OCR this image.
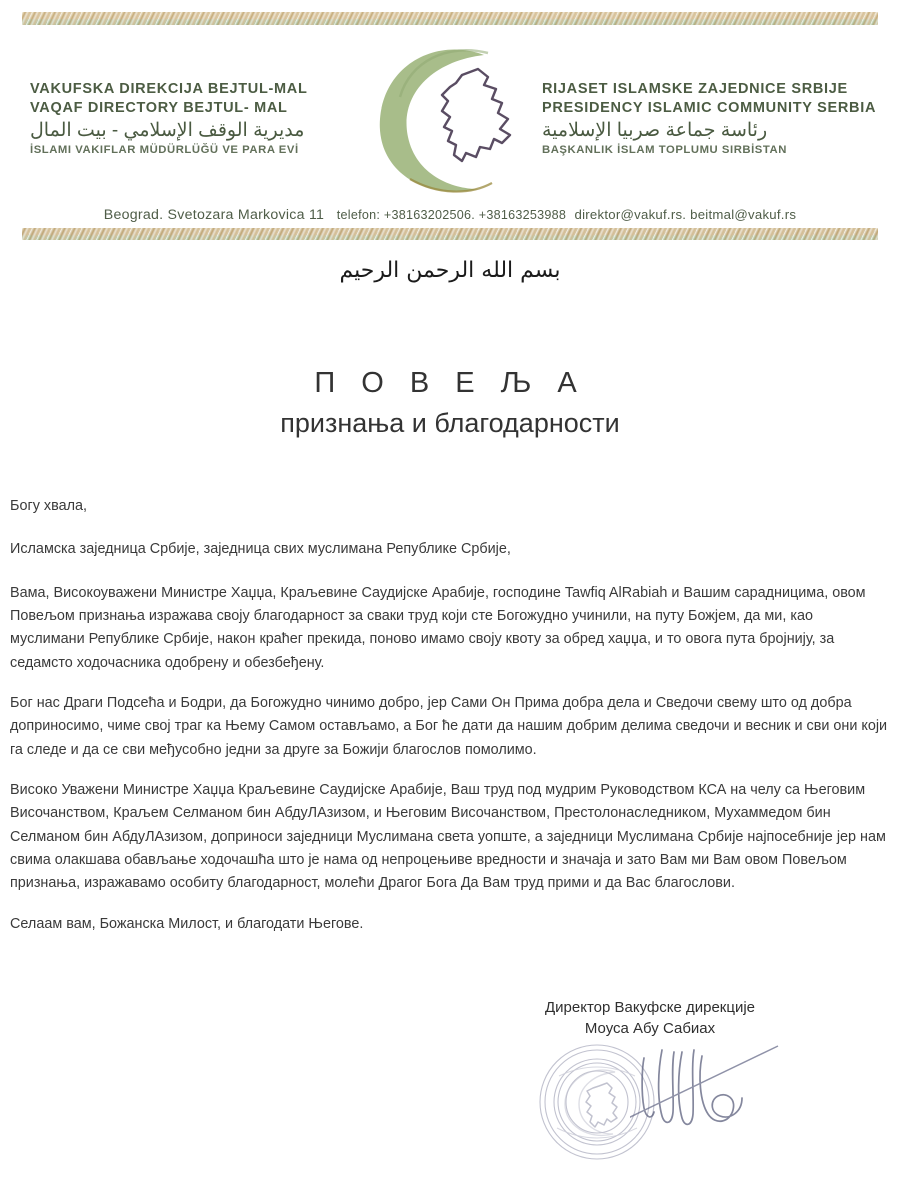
VAKUFSKA DIREKCIJA BEJTUL-MAL
VAQAF DIRECTORY BEJTUL- MAL
مديرية الوقف الإسلامي - بيت المال
İSLAMI VAKIFLAR MÜDÜRLÜĞÜ VE PARA EVİ
RIJASET ISLAMSKE ZAJEDNICE SRBIJE
PRESIDENCY ISLAMIC COMMUNITY SERBIA
رئاسة جماعة صربيا الإسلامية
BAŞKANLIK İSLAM TOPLUMU SIRBİSTAN
Beograd. Svetozara Markovica 11 telefon: +38163202506. +38163253988 direktor@vakuf.rs. beitmal@vakuf.rs
بسم الله الرحمن الرحيم
П О В Е Љ А
признања и благодарности

Богу хвала,

Исламска заједница Србије, заједница свих муслимана Републике Србије,

Вама, Високоуважени Министре Хаџџа, Краљевине Саудијске Арабије, господине Tawfiq AlRabiah и Вашим сарадницима, овом Повељом признања изражава своју благодарност за сваки труд који сте Богожудно учинили, на путу Божјем, да ми, као муслимани Републике Србије, након краћег прекида, поново имамо своју квоту за обред хаџџа, и то овога пута бројнију, за седамсто ходочасника одобрену и обезбеђену.

Бог нас Драги Подсећа и Бодри, да Богожудно чинимо добро, јер Сами Он Прима добра дела и Сведочи свему што од добра доприносимо, чиме свој траг ка Њему Самом остављамо, а Бог ће дати да нашим добрим делима сведочи и весник и сви они који га следе и да се сви међусобно једни за друге за Божији благослов помолимо.

Високо Уважени Министре Хаџџа Краљевине Саудијске Арабије, Ваш труд под мудрим Руководством КСА на челу са Његовим Височанством, Краљем Селманом бин АбдуЛАзизом, и Његовим Височанством, Престолонаследником, Мухаммедом бин Селманом бин АбдуЛАзизом, доприноси заједници Муслимана света уопште, а заједници Муслимана Србије најпосебније јер нам свима олакшава обављање ходочашћа што је нама од непроцењиве вредности и значаја и зато Вам ми Вам овом Повељом признања, изражавамо особиту благодарност, молећи Драгог Бога Да Вам труд прими и да Вас благослови.

Селаам вам, Божанска Милост, и благодати Његове.

Директор Вакуфске дирекције
Моуса Абу Сабиах
